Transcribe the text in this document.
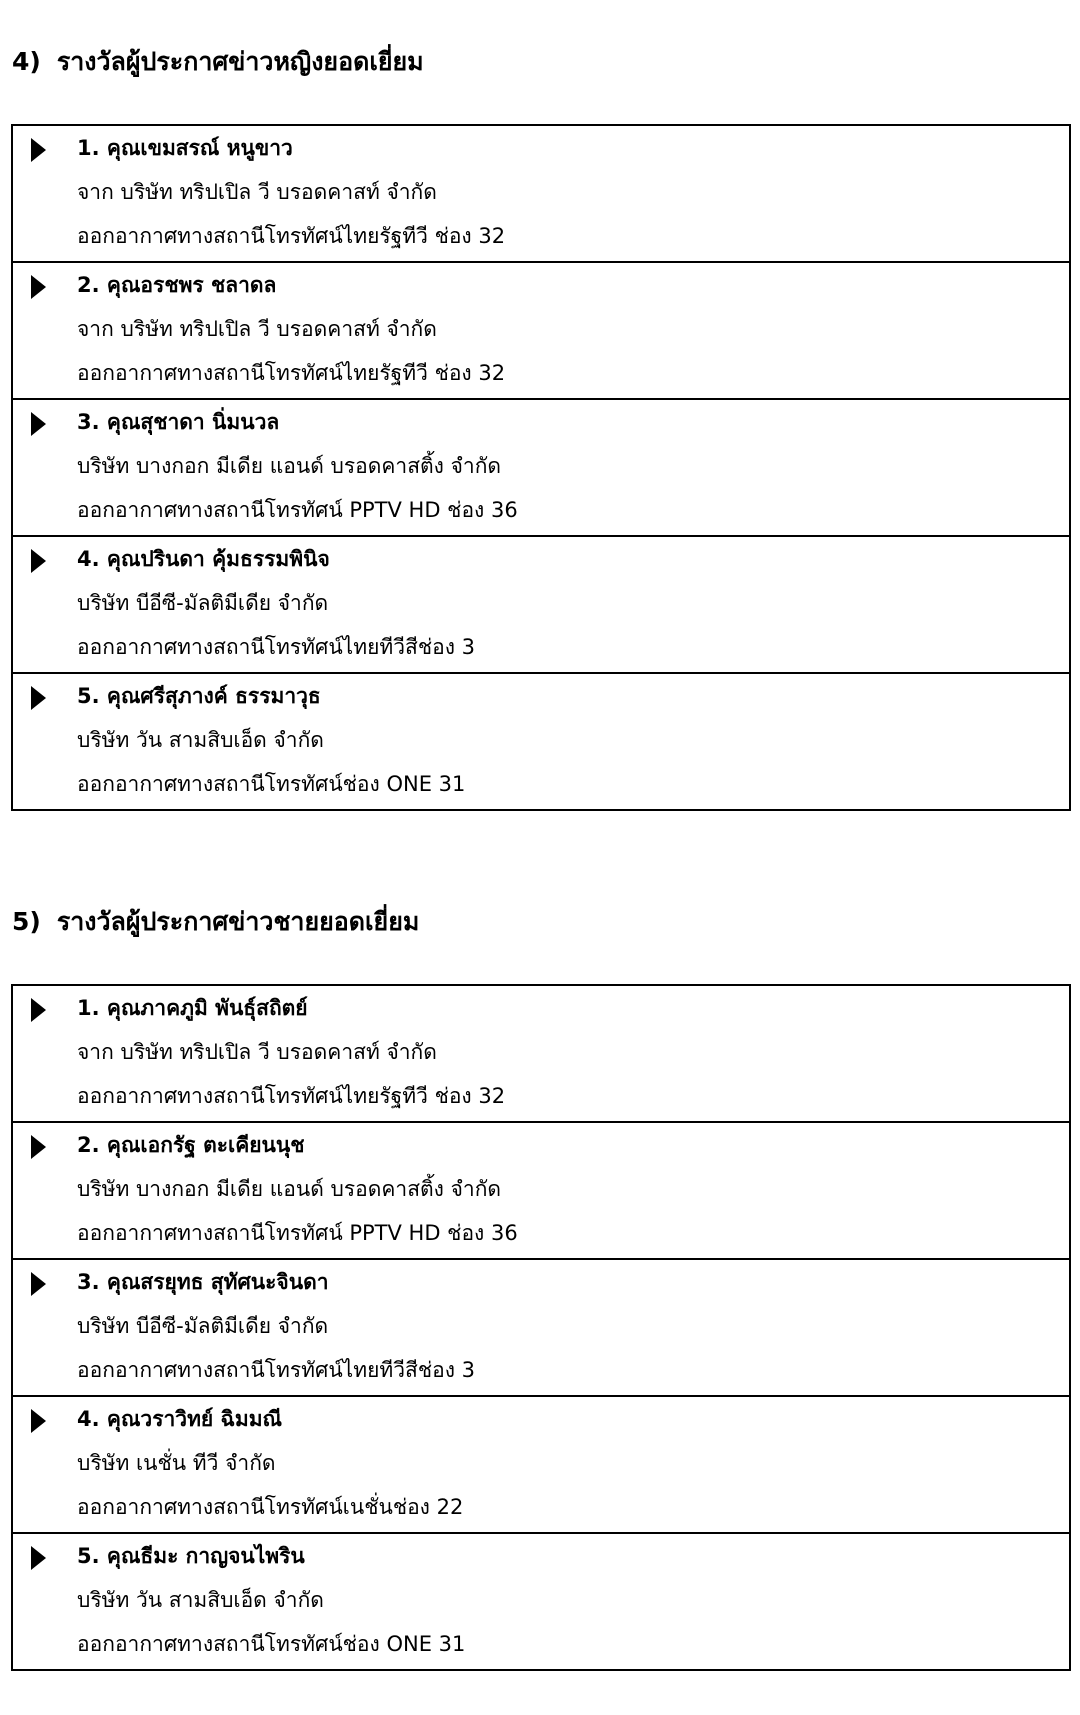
4) รางวัลผู้ประกาศข่าวหญิงยอดเยี่ยม
1. คุณเขมสรณ์ หนูขาว
จาก บริษัท ทริปเปิล วี บรอดคาสท์ จำกัด
ออกอากาศทางสถานีโทรทัศน์ไทยรัฐทีวี ช่อง 32
2. คุณอรชพร ชลาดล
จาก บริษัท ทริปเปิล วี บรอดคาสท์ จำกัด
ออกอากาศทางสถานีโทรทัศน์ไทยรัฐทีวี ช่อง 32
3. คุณสุชาดา นิ่มนวล
บริษัท บางกอก มีเดีย แอนด์ บรอดคาสติ้ง จำกัด
ออกอากาศทางสถานีโทรทัศน์ PPTV HD ช่อง 36
4. คุณปรินดา คุ้มธรรมพินิจ
บริษัท บีอีซี-มัลติมีเดีย จำกัด
ออกอากาศทางสถานีโทรทัศน์ไทยทีวีสีช่อง 3
5. คุณศรีสุภางค์ ธรรมาวุธ
บริษัท วัน สามสิบเอ็ด จำกัด
ออกอากาศทางสถานีโทรทัศน์ช่อง ONE 31
5) รางวัลผู้ประกาศข่าวชายยอดเยี่ยม
1. คุณภาคภูมิ พันธุ์สถิตย์
จาก บริษัท ทริปเปิล วี บรอดคาสท์ จำกัด
ออกอากาศทางสถานีโทรทัศน์ไทยรัฐทีวี ช่อง 32
2. คุณเอกรัฐ ตะเคียนนุช
บริษัท บางกอก มีเดีย แอนด์ บรอดคาสติ้ง จำกัด
ออกอากาศทางสถานีโทรทัศน์ PPTV HD ช่อง 36
3. คุณสรยุทธ สุทัศนะจินดา
บริษัท บีอีซี-มัลติมีเดีย จำกัด
ออกอากาศทางสถานีโทรทัศน์ไทยทีวีสีช่อง 3
4. คุณวราวิทย์ ฉิมมณี
บริษัท เนชั่น ทีวี จำกัด
ออกอากาศทางสถานีโทรทัศน์เนชั่นช่อง 22
5. คุณธีมะ กาญจนไพริน
บริษัท วัน สามสิบเอ็ด จำกัด
ออกอากาศทางสถานีโทรทัศน์ช่อง ONE 31
